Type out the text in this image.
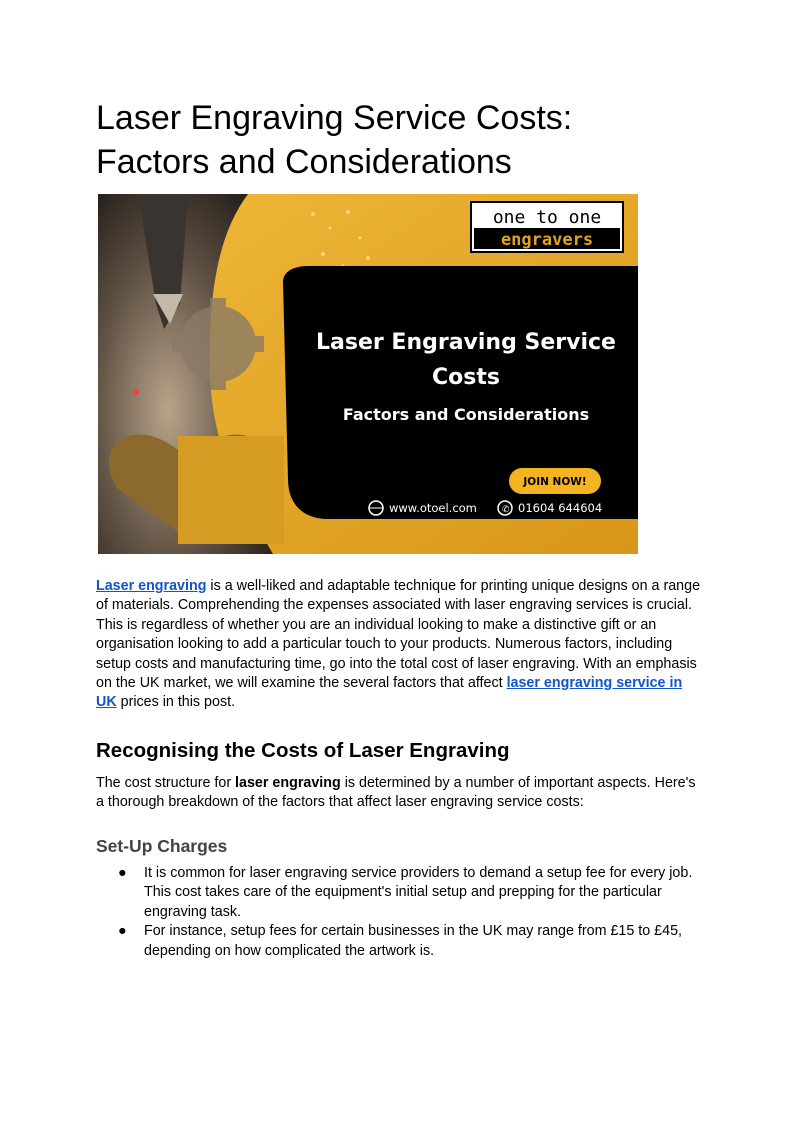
Laser Engraving Service Costs:
Factors and Considerations
one to one
engravers
Laser Engraving Service
Costs
Factors and Considerations
JOIN NOW!
www.otoel.com	✆ 01604 644604

Laser engraving is a well-liked and adaptable technique for printing unique designs on a range of materials. Comprehending the expenses associated with laser engraving services is crucial. This is regardless of whether you are an individual looking to make a distinctive gift or an organisation looking to add a particular touch to your products. Numerous factors, including setup costs and manufacturing time, go into the total cost of laser engraving. With an emphasis on the UK market, we will examine the several factors that affect laser engraving service in UK prices in this post.

Recognising the Costs of Laser Engraving

The cost structure for laser engraving is determined by a number of important aspects. Here's a thorough breakdown of the factors that affect laser engraving service costs:

Set-Up Charges
● It is common for laser engraving service providers to demand a setup fee for every job. This cost takes care of the equipment's initial setup and prepping for the particular engraving task.
● For instance, setup fees for certain businesses in the UK may range from £15 to £45, depending on how complicated the artwork is.
